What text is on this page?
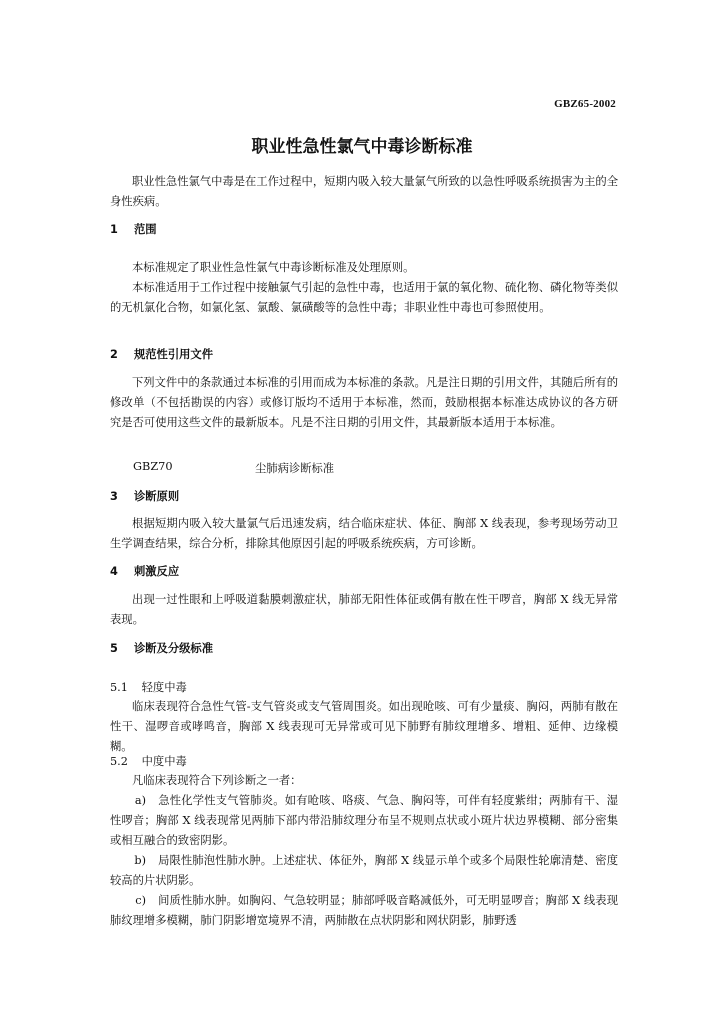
GBZ65-2002
职业性急性氯气中毒诊断标准
职业性急性氯气中毒是在工作过程中，短期内吸入较大量氯气所致的以急性呼吸系统损害为主的全身性疾病。
1 范围
本标准规定了职业性急性氯气中毒诊断标准及处理原则。
本标准适用于工作过程中接触氯气引起的急性中毒，也适用于氯的氧化物、硫化物、磷化物等类似的无机氯化合物，如氯化氢、氯酸、氯磺酸等的急性中毒；非职业性中毒也可参照使用。
2 规范性引用文件
下列文件中的条款通过本标准的引用而成为本标准的条款。凡是注日期的引用文件，其随后所有的修改单（不包括勘误的内容）或修订版均不适用于本标准，然而，鼓励根据本标准达成协议的各方研究是否可使用这些文件的最新版本。凡是不注日期的引用文件，其最新版本适用于本标准。
GBZ70	尘肺病诊断标准
3 诊断原则
根据短期内吸入较大量氯气后迅速发病，结合临床症状、体征、胸部 X 线表现，参考现场劳动卫生学调查结果，综合分析，排除其他原因引起的呼吸系统疾病，方可诊断。
4 刺激反应
出现一过性眼和上呼吸道黏膜刺激症状，肺部无阳性体征或偶有散在性干啰音，胸部 X 线无异常表现。
5 诊断及分级标准
5.1 轻度中毒
临床表现符合急性气管-支气管炎或支气管周围炎。如出现呛咳、可有少量痰、胸闷，两肺有散在性干、湿啰音或哮鸣音，胸部 X 线表现可无异常或可见下肺野有肺纹理增多、增粗、延伸、边缘模糊。
5.2 中度中毒
凡临床表现符合下列诊断之一者：
a) 急性化学性支气管肺炎。如有呛咳、咯痰、气急、胸闷等，可伴有轻度紫绀；两肺有干、湿性啰音；胸部 X 线表现常见两肺下部内带沿肺纹理分布呈不规则点状或小斑片状边界模糊、部分密集或相互融合的致密阴影。
b) 局限性肺泡性肺水肿。上述症状、体征外，胸部 X 线显示单个或多个局限性轮廓清楚、密度较高的片状阴影。
c) 间质性肺水肿。如胸闷、气急较明显；肺部呼吸音略减低外，可无明显啰音；胸部 X 线表现肺纹理增多模糊，肺门阴影增宽境界不清，两肺散在点状阴影和网状阴影，肺野透
